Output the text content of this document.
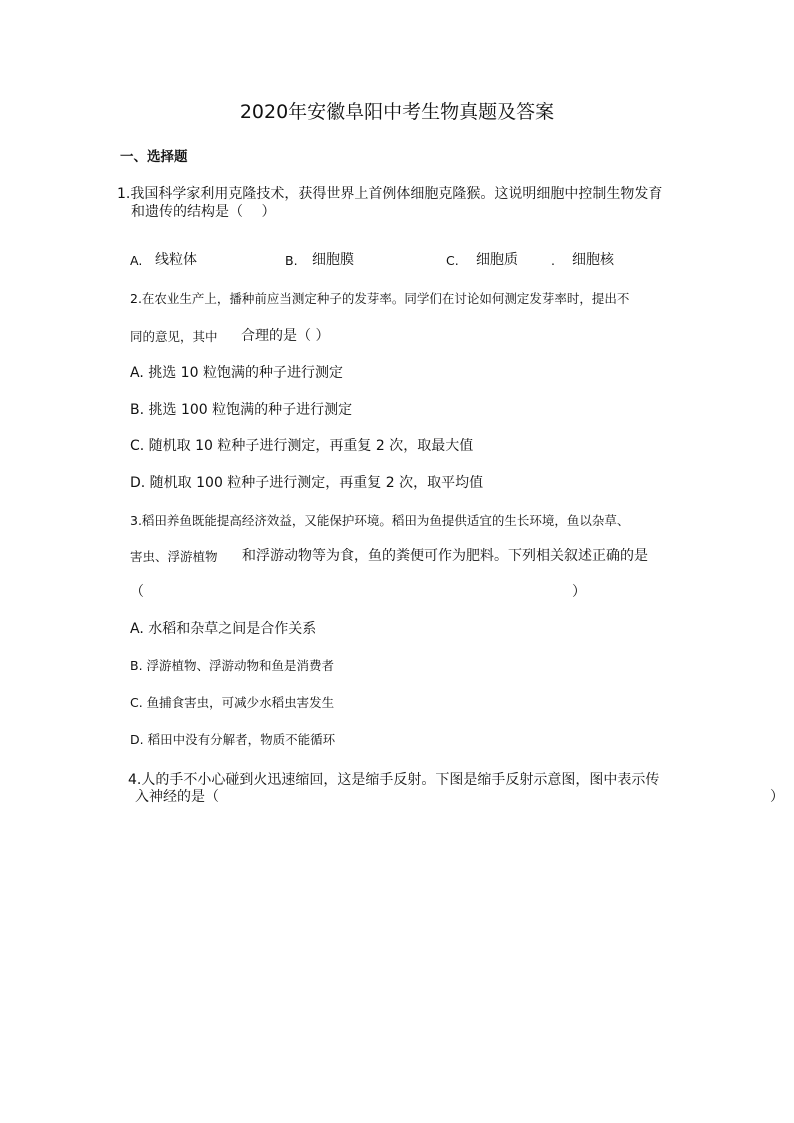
2020年安徽阜阳中考生物真题及答案
一、选择题
1.我国科学家利用克隆技术，获得世界上首例体细胞克隆猴。这说明细胞中控制生物发育
和遗传的结构是（　 ）
A. 线粒体	B. 细胞膜	C. 细胞质	. 细胞核
2.在农业生产上，播种前应当测定种子的发芽率。同学们在讨论如何测定发芽率时，提出不
同的意见，其中 合理的是（ ）
A. 挑选 10 粒饱满的种子进行测定
B. 挑选 100 粒饱满的种子进行测定
C. 随机取 10 粒种子进行测定，再重复 2 次，取最大值
D. 随机取 100 粒种子进行测定，再重复 2 次，取平均值
3.稻田养鱼既能提高经济效益，又能保护环境。稻田为鱼提供适宜的生长环境，鱼以杂草、
害虫、浮游植物 和浮游动物等为食，鱼的粪便可作为肥料。下列相关叙述正确的是
（	）
A. 水稻和杂草之间是合作关系
B. 浮游植物、浮游动物和鱼是消费者
C. 鱼捕食害虫，可减少水稻虫害发生
D. 稻田中没有分解者，物质不能循环
4.人的手不小心碰到火迅速缩回，这是缩手反射。下图是缩手反射示意图，图中表示传
入神经的是（	）
